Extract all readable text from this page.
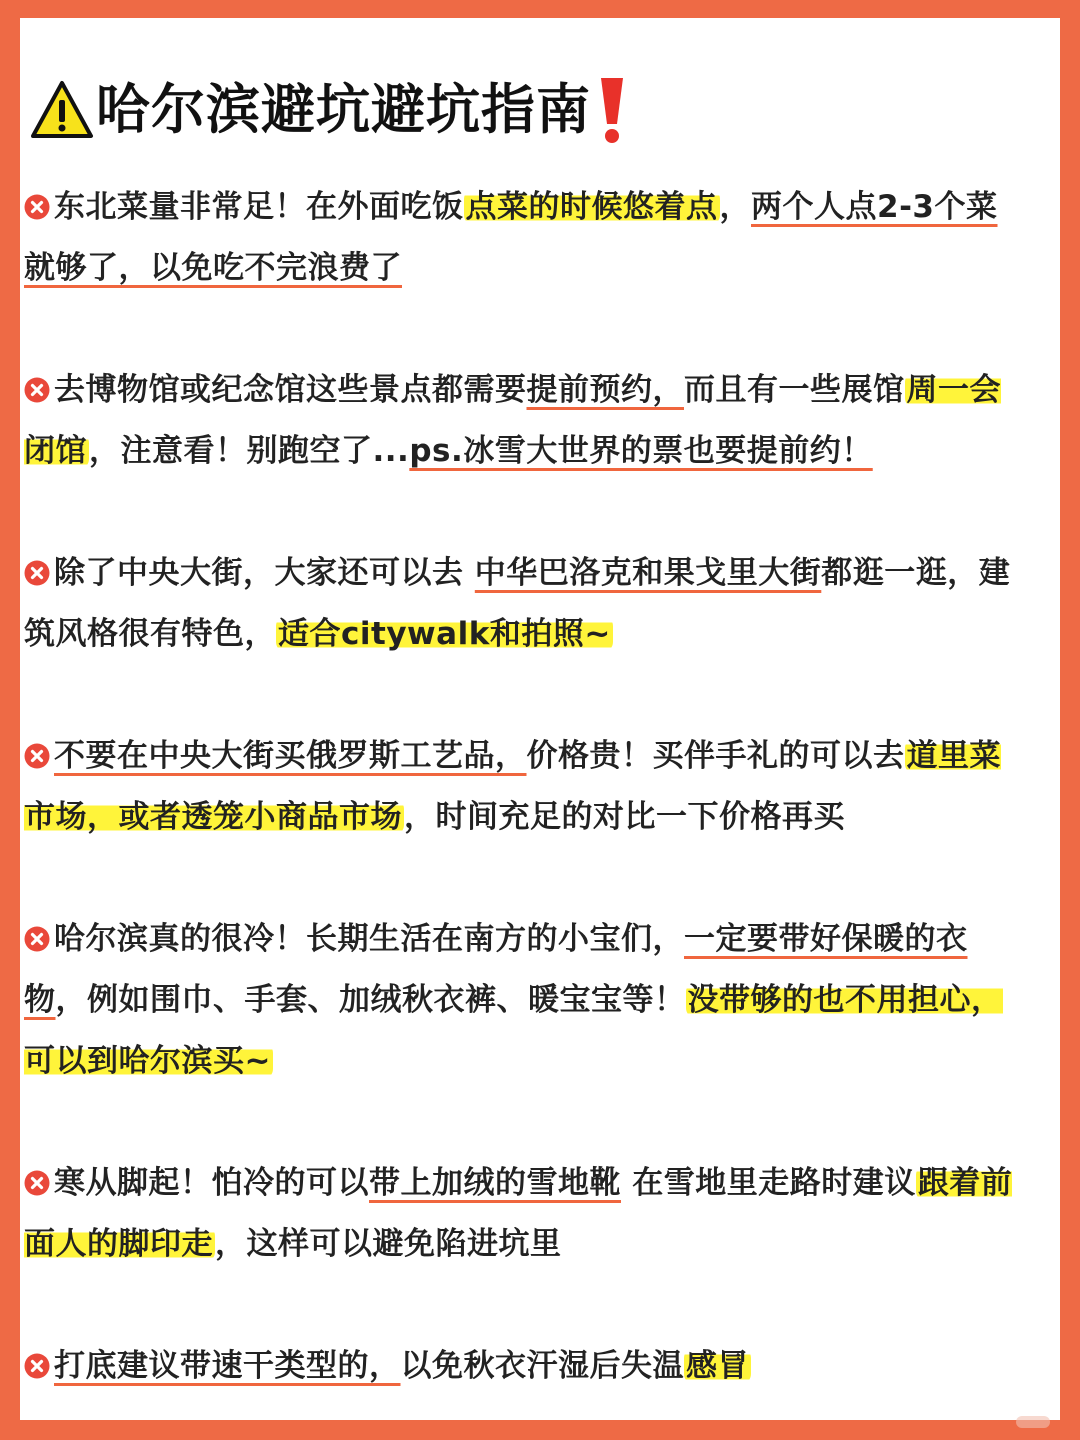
哈尔滨避坑避坑指南
东北菜量非常足！在外面吃饭点菜的时候悠着点，两个人点2-3个菜就够了，以免吃不完浪费了
去博物馆或纪念馆这些景点都需要提前预约，而且有一些展馆周一会闭馆，注意看！别跑空了...ps.冰雪大世界的票也要提前约！
除了中央大街，大家还可以去 中华巴洛克和果戈里大街都逛一逛，建筑风格很有特色，适合citywalk和拍照~
不要在中央大街买俄罗斯工艺品，价格贵！买伴手礼的可以去道里菜市场，或者透笼小商品市场，时间充足的对比一下价格再买
哈尔滨真的很冷！长期生活在南方的小宝们，一定要带好保暖的衣物，例如围巾、手套、加绒秋衣裤、暖宝宝等！没带够的也不用担心，可以到哈尔滨买~
寒从脚起！怕冷的可以带上加绒的雪地靴 在雪地里走路时建议跟着前面人的脚印走，这样可以避免陷进坑里
打底建议带速干类型的，以免秋衣汗湿后失温感冒
